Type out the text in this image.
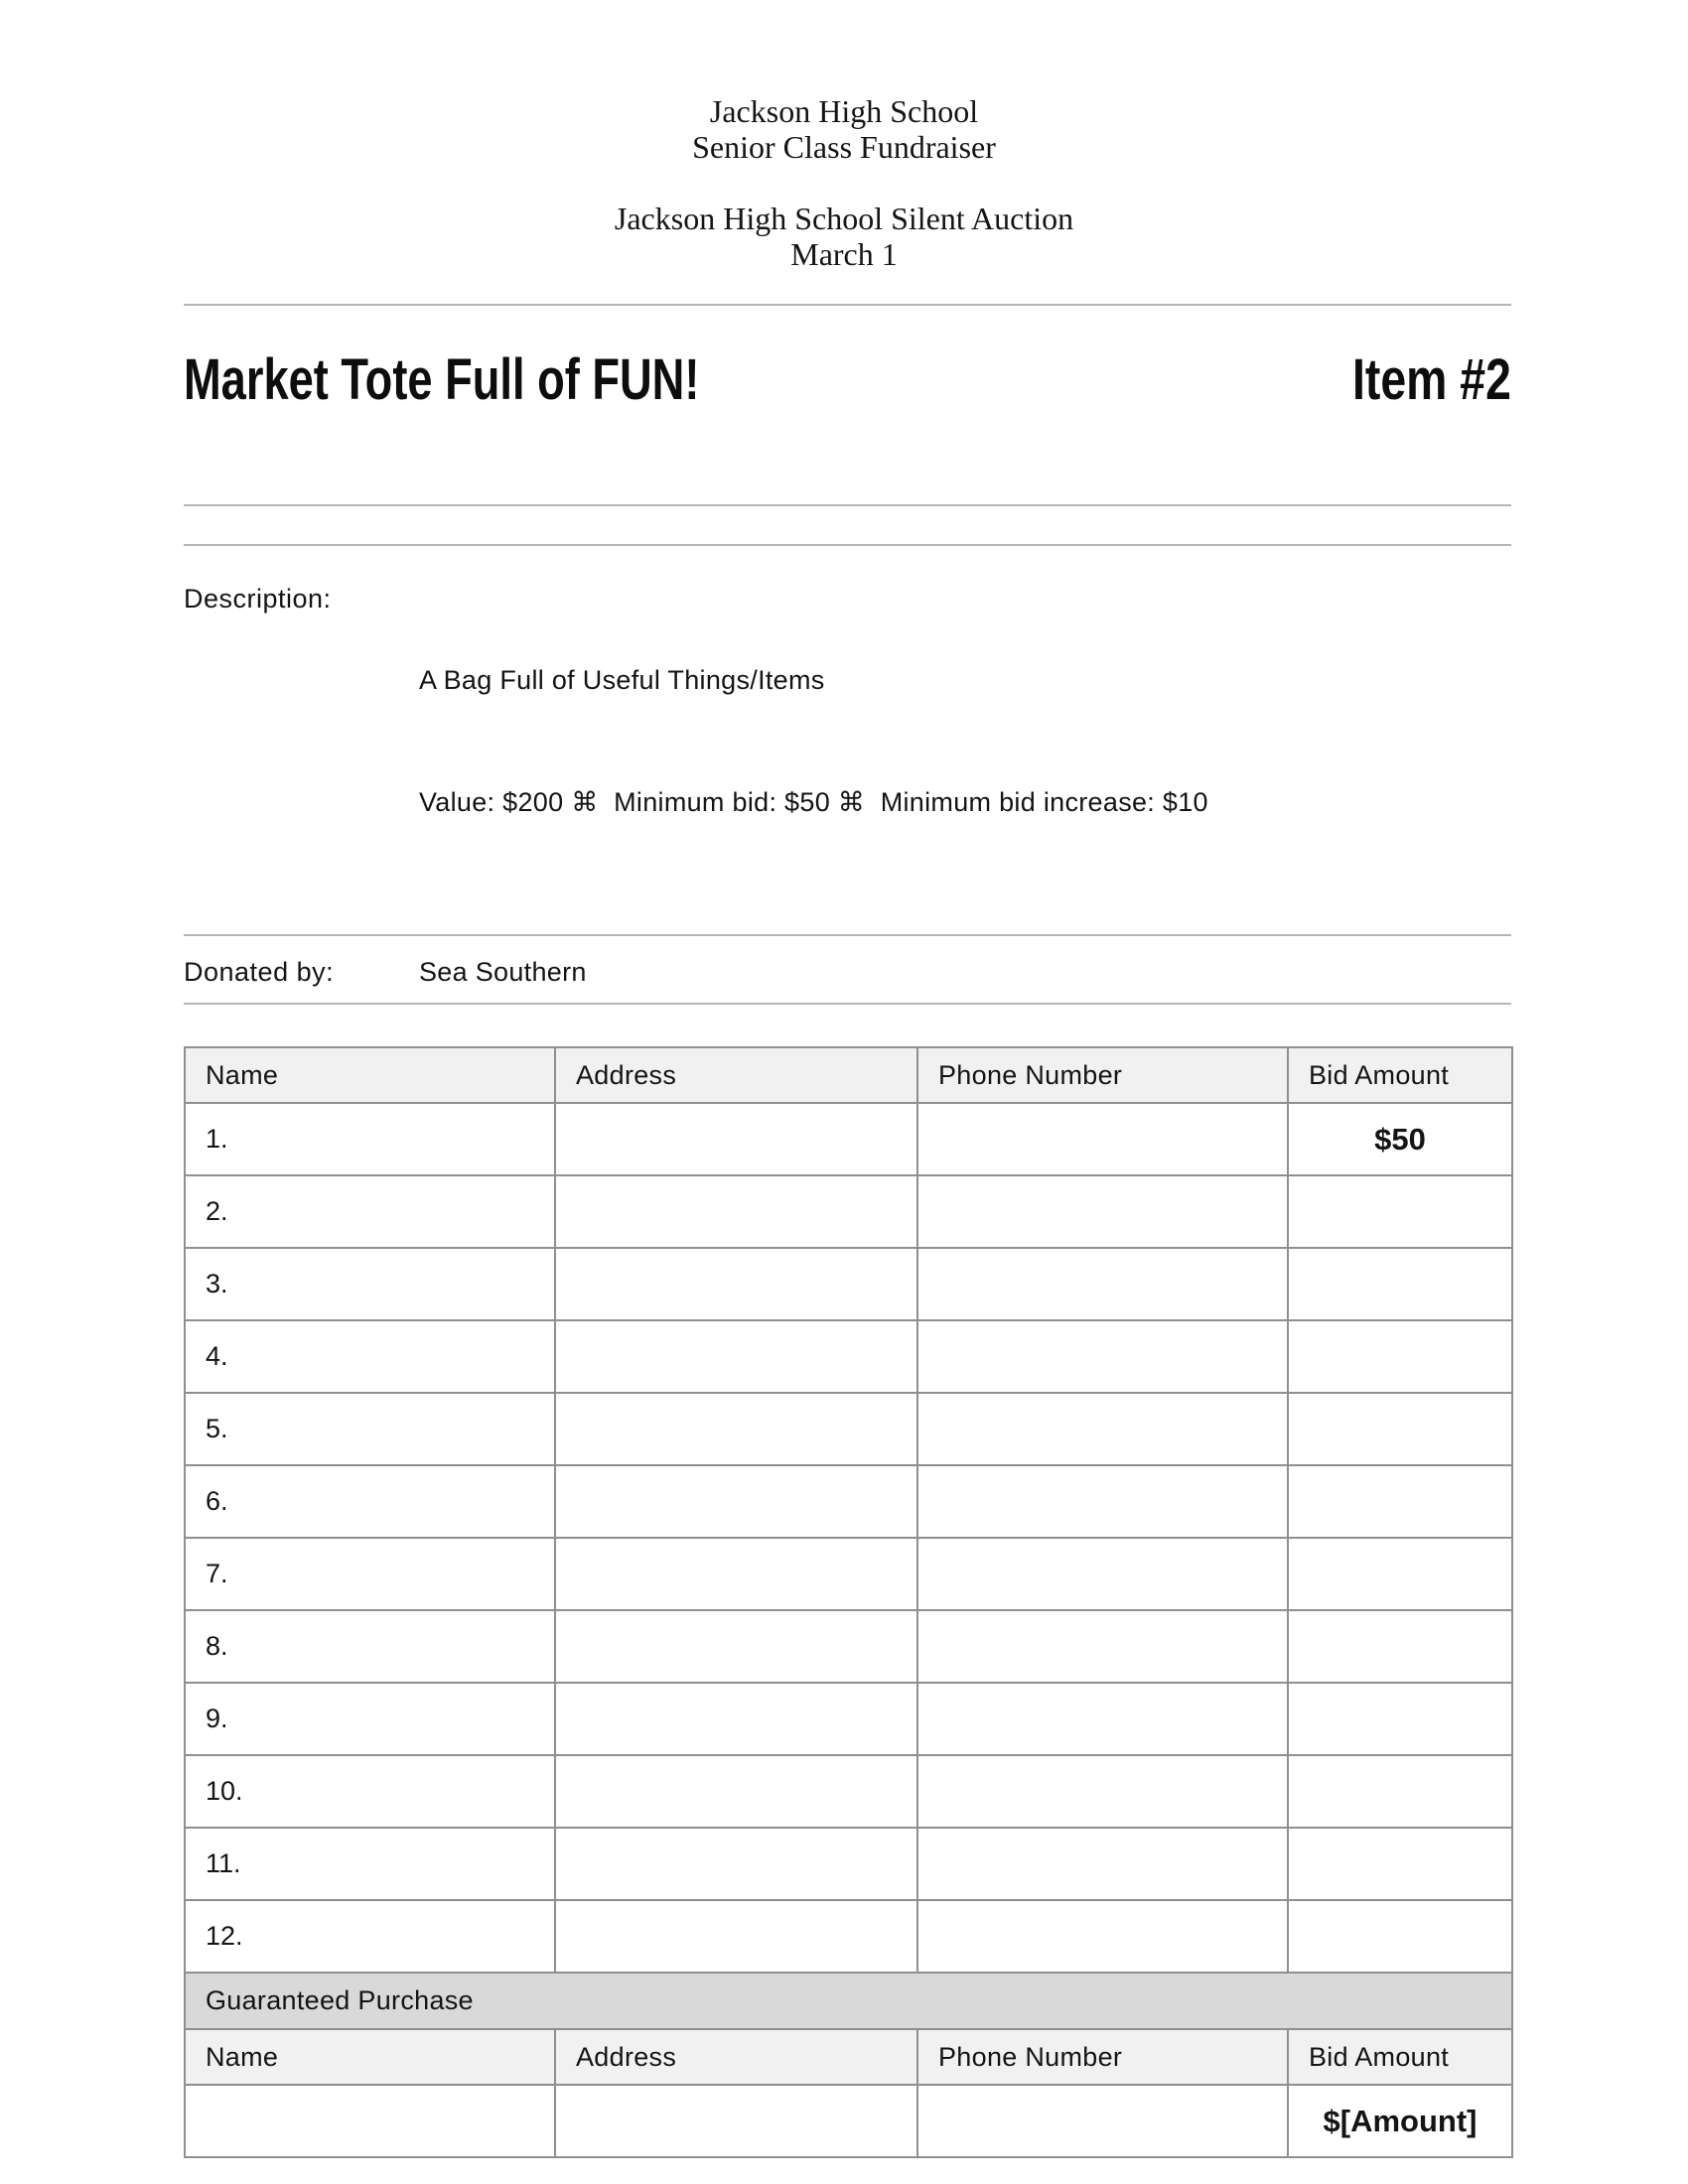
Jackson High School
Senior Class Fundraiser
Jackson High School Silent Auction
March 1
Market Tote Full of FUN!	Item #2
Description:

A Bag Full of Useful Things/Items

Value: $200 ⌘  Minimum bid: $50 ⌘  Minimum bid increase: $10

Donated by:	Sea Southern
Name	Address	Phone Number	Bid Amount
1.			$50
2.			
3.			
4.			
5.			
6.			
7.			
8.			
9.			
10.			
11.			
12.			
Guaranteed Purchase			
Name	Address	Phone Number	Bid Amount
			$[Amount]
